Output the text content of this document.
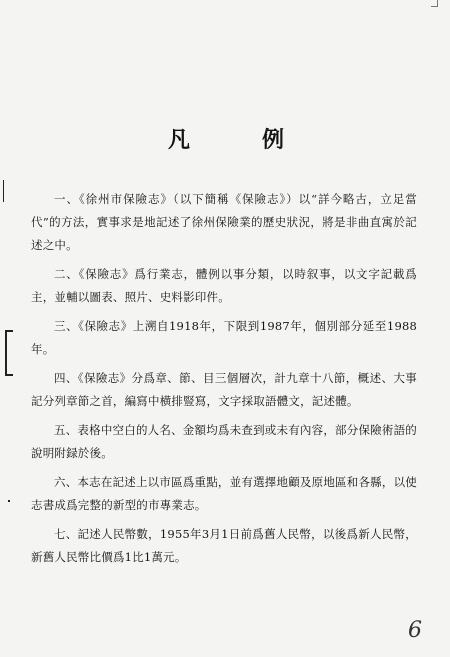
凡	例

一、《徐州市保險志》（以下簡稱《保險志》）以“詳今略古，立足當代”的方法，實事求是地記述了徐州保險業的歷史狀況，將是非曲直寓於記述之中。

二、《保險志》爲行業志，體例以事分類，以時叙事，以文字記載爲主，並輔以圖表、照片、史料影印件。

三、《保險志》上溯自1918年，下限到1987年，個別部分延至1988年。

四、《保險志》分爲章、節、目三個層次，計九章十八節，概述、大事記分列章節之首，編寫中横排豎寫，文字採取語體文，記述體。

五、表格中空白的人名、金額均爲未查到或未有內容，部分保險術語的說明附録於後。

六、本志在記述上以市區爲重點，並有選擇地顧及原地區和各縣，以使志書成爲完整的新型的市專業志。

七、記述人民幣數，1955年3月1日前爲舊人民幣，以後爲新人民幣，新舊人民幣比價爲1比1萬元。

6
